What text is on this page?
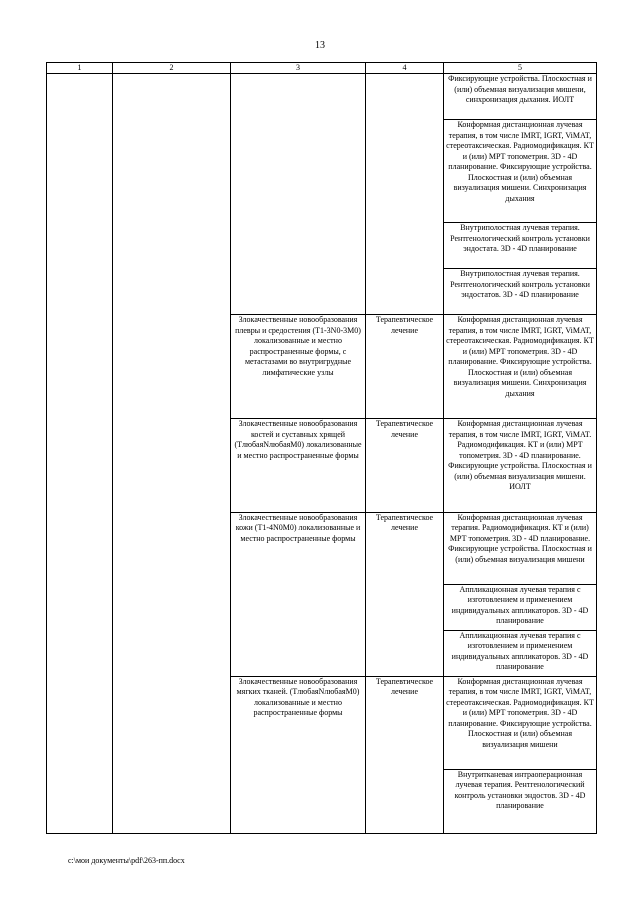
13
1	2	3	4	5
				Фиксирующие устройства. Плоскостная и (или) объемная визуализация мишени, синхронизация дыхания. ИОЛТ
				Конформная дистанционная лучевая терапия, в том числе IMRT, IGRT, ViMAT, стереотаксическая. Радиомодификация. КТ и (или) МРТ топометрия. 3D - 4D планирование. Фиксирующие устройства. Плоскостная и (или) объемная визуализация мишени. Синхронизация дыхания
				Внутриполостная лучевая терапия. Рентгенологический контроль установки эндостата. 3D - 4D планирование
				Внутриполостная лучевая терапия. Рентгенологический контроль установки эндостатов. 3D - 4D планирование
		Злокачественные новообразования плевры и средостения (T1-3N0-3M0) локализованные и местно распространенные формы, с метастазами во внутригрудные лимфатические узлы	Терапевтическое лечение	Конформная дистанционная лучевая терапия, в том числе IMRT, IGRT, ViMAT, стереотаксическая. Радиомодификация. КТ и (или) МРТ топометрия. 3D - 4D планирование. Фиксирующие устройства. Плоскостная и (или) объемная визуализация мишени. Синхронизация дыхания
		Злокачественные новообразования костей и суставных хрящей (TлюбаяNлюбаяM0) локализованные и местно распространенные формы	Терапевтическое лечение	Конформная дистанционная лучевая терапия, в том числе IMRT, IGRT, ViMAT. Радиомодификация. КТ и (или) МРТ топометрия. 3D - 4D планирование. Фиксирующие устройства. Плоскостная и (или) объемная визуализация мишени. ИОЛТ
		Злокачественные новообразования кожи (T1-4N0M0) локализованные и местно распространенные формы	Терапевтическое лечение	Конформная дистанционная лучевая терапия. Радиомодификация. КТ и (или) МРТ топометрия. 3D - 4D планирование. Фиксирующие устройства. Плоскостная и (или) объемная визуализация мишени
				Аппликационная лучевая терапия с изготовлением и применением индивидуальных аппликаторов. 3D - 4D планирование
				Аппликационная лучевая терапия с изготовлением и применением индивидуальных аппликаторов. 3D - 4D планирование
		Злокачественные новообразования мягких тканей. (TлюбаяNлюбаяM0) локализованные и местно распространенные формы	Терапевтическое лечение	Конформная дистанционная лучевая терапия, в том числе IMRT, IGRT, ViMAT, стереотаксическая. Радиомодификация. КТ и (или) МРТ топометрия. 3D - 4D планирование. Фиксирующие устройства. Плоскостная и (или) объемная визуализация мишени
				Внутритканевая интраоперационная лучевая терапия. Рентгенологический контроль установки эндостов. 3D - 4D планирование
c:\мои документы\pdf\263-пп.docx
